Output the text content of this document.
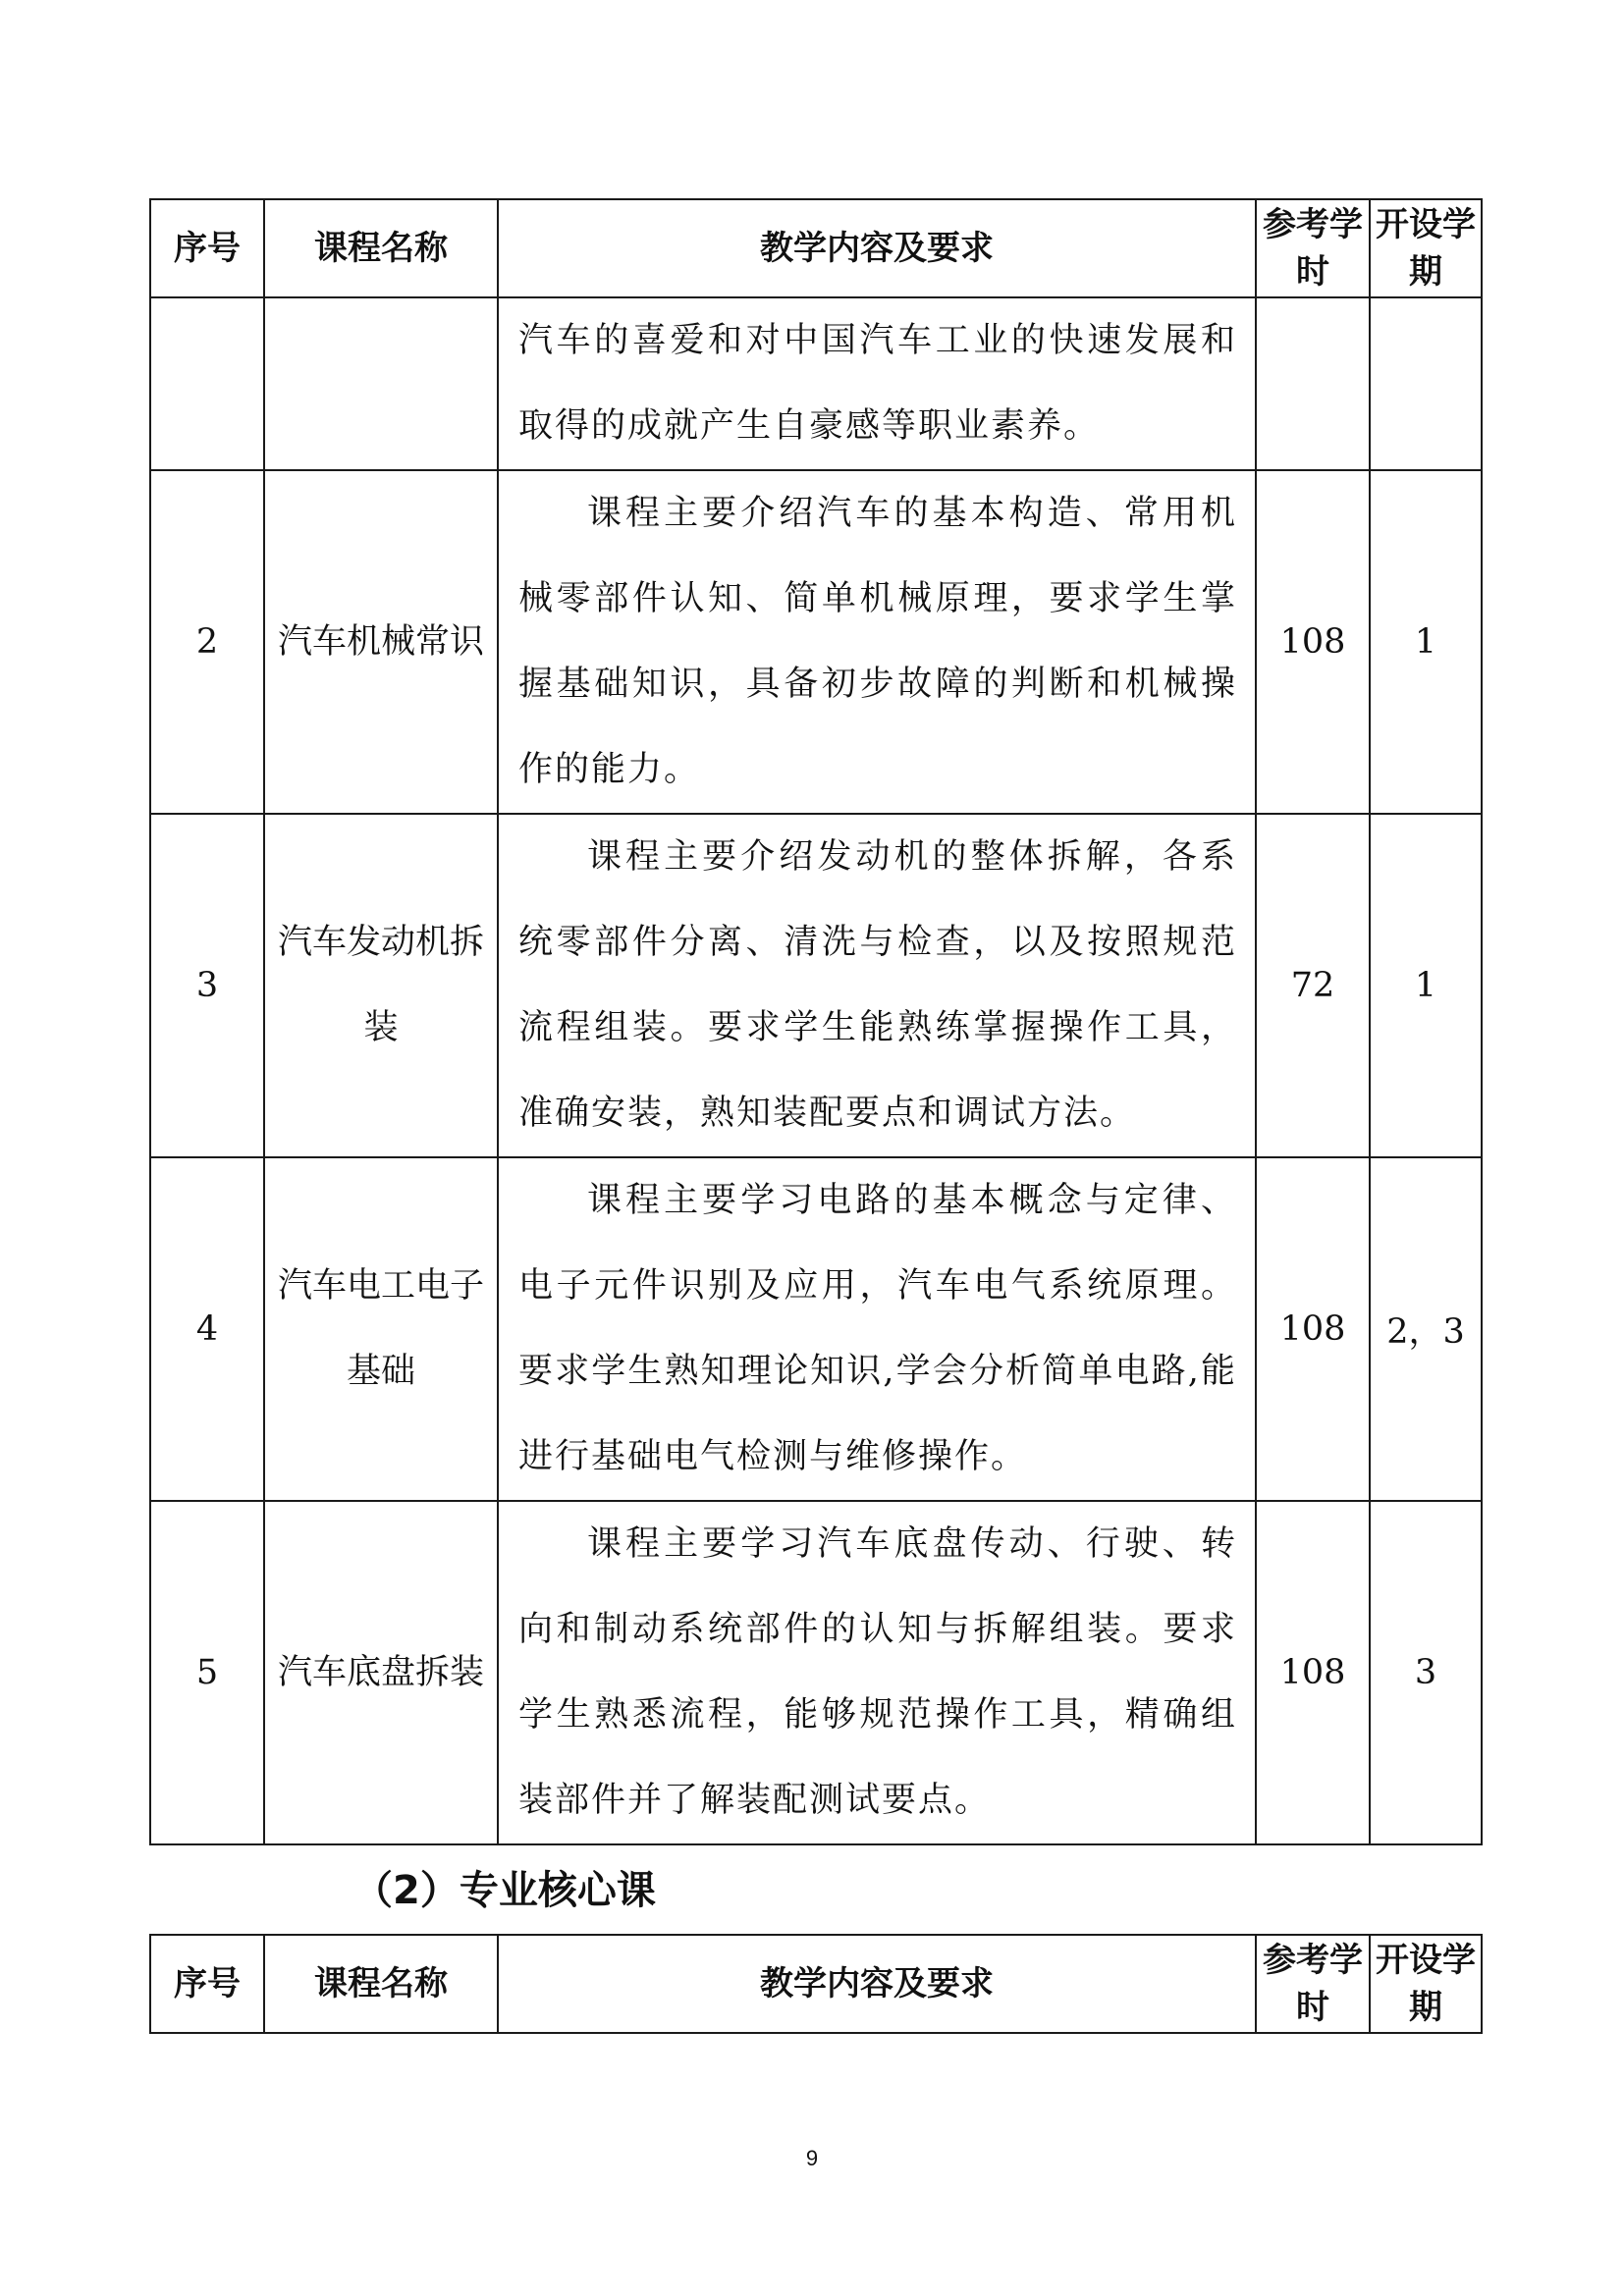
序号	课程名称	教学内容及要求	参考学时	开设学期
		汽车的喜爱和对中国汽车工业的快速发展和取得的成就产生自豪感等职业素养。		
2	汽车机械常识	课程主要介绍汽车的基本构造、常用机械零部件认知、简单机械原理，要求学生掌握基础知识，具备初步故障的判断和机械操作的能力。	108	1
3	汽车发动机拆装	课程主要介绍发动机的整体拆解，各系统零部件分离、清洗与检查，以及按照规范流程组装。要求学生能熟练掌握操作工具，准确安装，熟知装配要点和调试方法。	72	1
4	汽车电工电子基础	课程主要学习电路的基本概念与定律、电子元件识别及应用，汽车电气系统原理。要求学生熟知理论知识,学会分析简单电路,能进行基础电气检测与维修操作。	108	2，3
5	汽车底盘拆装	课程主要学习汽车底盘传动、行驶、转向和制动系统部件的认知与拆解组装。要求学生熟悉流程，能够规范操作工具，精确组装部件并了解装配测试要点。	108	3
（2）专业核心课
序号	课程名称	教学内容及要求	参考学时	开设学期
9
